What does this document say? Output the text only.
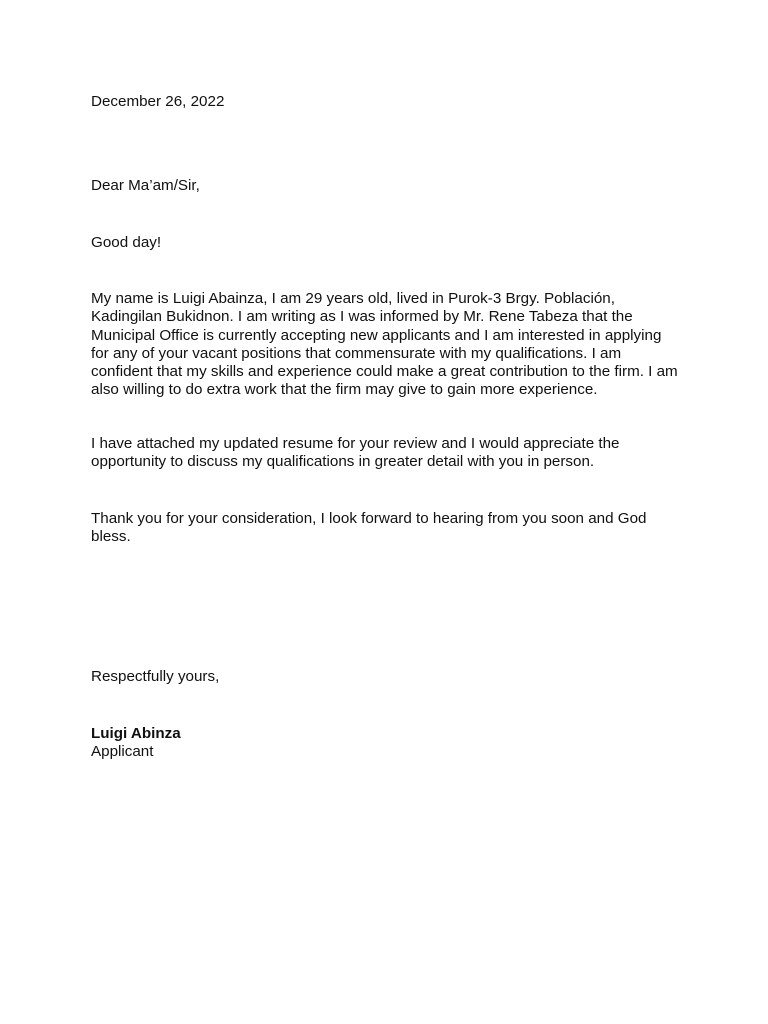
December 26, 2022

Dear Ma’am/Sir,

Good day!

My name is Luigi Abainza, I am 29 years old, lived in Purok-3 Brgy. Población,
Kadingilan Bukidnon. I am writing as I was informed by Mr. Rene Tabeza that the
Municipal Office is currently accepting new applicants and I am interested in applying
for any of your vacant positions that commensurate with my qualifications. I am
confident that my skills and experience could make a great contribution to the firm. I am
also willing to do extra work that the firm may give to gain more experience.
I have attached my updated resume for your review and I would appreciate the
opportunity to discuss my qualifications in greater detail with you in person.
Thank you for your consideration, I look forward to hearing from you soon and God
bless.

Respectfully yours,

Luigi Abinza

Applicant
